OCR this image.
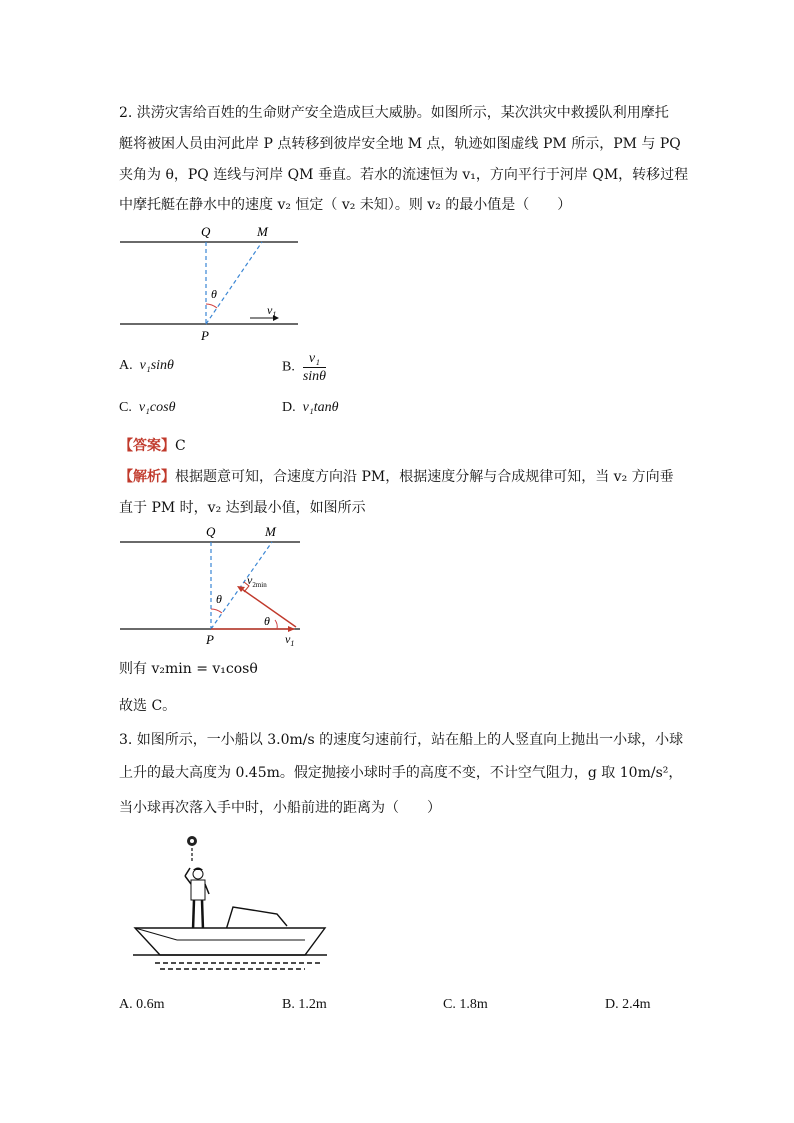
2. 洪涝灾害给百姓的生命财产安全造成巨大威胁。如图所示，某次洪灾中救援队利用摩托
艇将被困人员由河此岸 P 点转移到彼岸安全地 M 点，轨迹如图虚线 PM 所示，PM 与 PQ
夹角为 θ，PQ 连线与河岸 QM 垂直。若水的流速恒为 v₁，方向平行于河岸 QM，转移过程
中摩托艇在静水中的速度 v₂ 恒定（ v₂ 未知）。则 v₂ 的最小值是（　　）
Q	M
P
θ
$v_1$
A. v₁sinθ	B. $\frac{\text{v₁}}{\sin\theta}$
C. v₁cosθ	D. v₁tanθ
【答案】C
【解析】根据题意可知，合速度方向沿 PM，根据速度分解与合成规律可知，当 v₂ 方向垂
直于 PM 时，v₂ 达到最小值，如图所示
Q	M
P
θ
θ
$v_{2min}$
$v_1$
则有 v₂min = v₁cosθ
故选 C。
3. 如图所示，一小船以 3.0m/s 的速度匀速前行，站在船上的人竖直向上抛出一小球，小球
上升的最大高度为 0.45m。假定抛接小球时手的高度不变，不计空气阻力，g 取 10m/s²，
当小球再次落入手中时，小船前进的距离为（　　）
A. 0.6m	B. 1.2m	C. 1.8m	D. 2.4m
